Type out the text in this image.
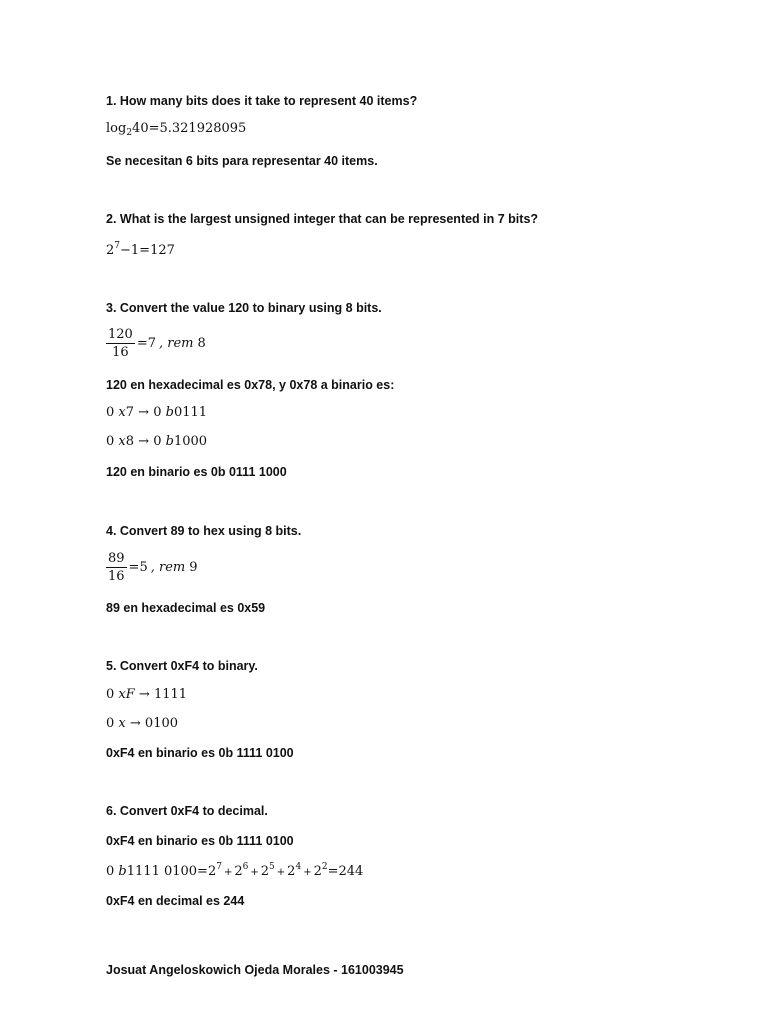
1. How many bits does it take to represent 40 items?
$\log_240=5.321928095$
Se necesitan 6 bits para representar 40 items.
2. What is the largest unsigned integer that can be represented in 7 bits?
$2^7-1=127$
3. Convert the value 120 to binary using 8 bits.
$\frac{120}{16} =7$ , rem 8
120 en hexadecimal es 0x78, y 0x78 a binario es:
0 x7 → 0 b0111
0 x8 → 0 b1000
120 en binario es 0b 0111 1000
4. Convert 89 to hex using 8 bits.
$\frac{89}{16} =5$ , rem 9
89 en hexadecimal es 0x59
5. Convert 0xF4 to binary.
0 xF → 1111
0 x → 0100
0xF4 en binario es 0b 1111 0100
6. Convert 0xF4 to decimal.
0xF4 en binario es 0b 1111 0100
0 b1111 $0100=2^7 + 2^6 + 2^5 + 2^4 + 2^2=244$
0xF4 en decimal es 244
Josuat Angeloskowich Ojeda Morales - 161003945
